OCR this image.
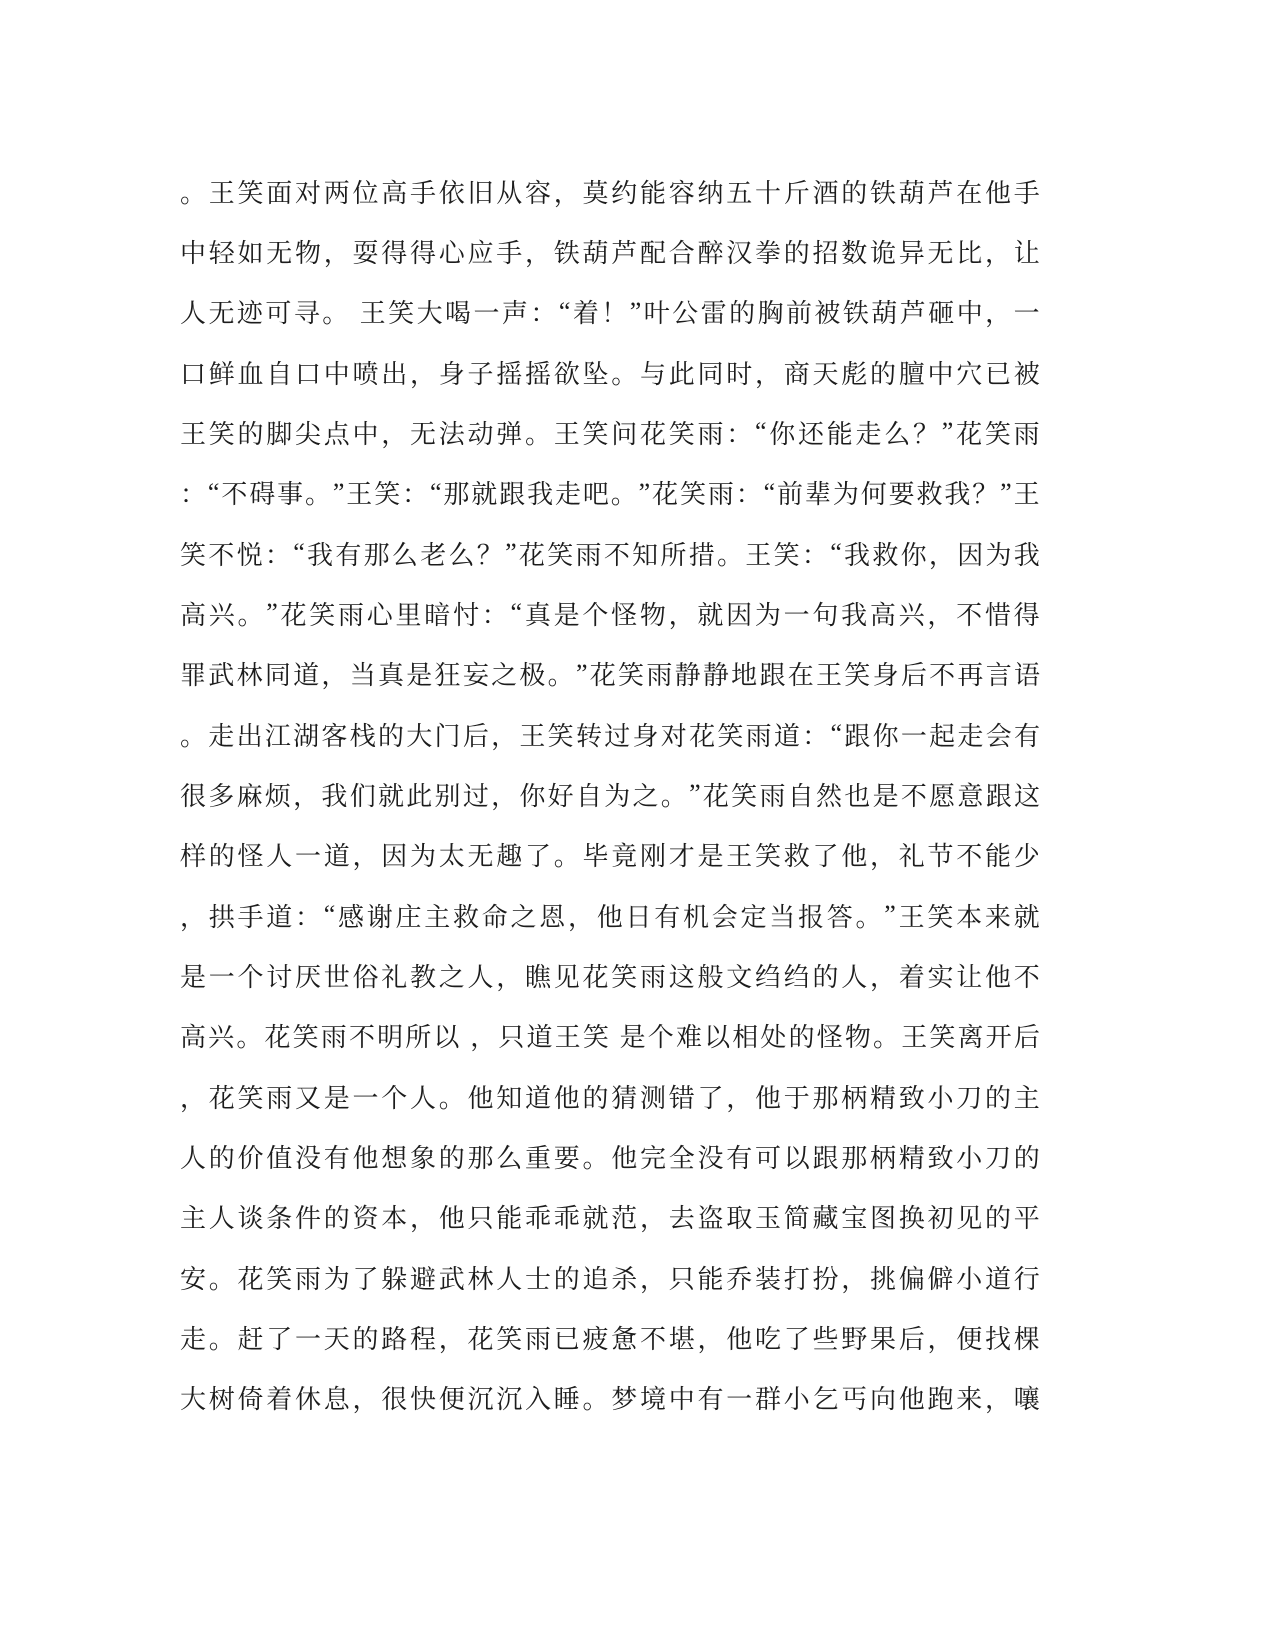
。 王 笑 面 对 两 位 高 手 依 旧 从 容 ， 莫 约 能 容 纳 五 十 斤 酒 的 铁 葫 芦 在 他 手
中 轻 如 无 物 ， 耍 得 得 心 应 手 ， 铁 葫 芦 配 合 醉 汉 拳 的 招 数 诡 异 无 比 ， 让
人 无 迹 可 寻 。
王 笑 大 喝 一 声 ： “ 着 ！ ” 叶 公 雷 的 胸 前 被 铁 葫 芦 砸 中 ， 一
口 鲜 血 自 口 中 喷 出 ， 身 子 摇 摇 欲 坠 。 与 此 同 时 ， 商 天 彪 的 膻 中 穴 已 被
王 笑 的 脚 尖 点 中 ， 无 法 动 弹 。 王 笑 问 花 笑 雨 ： “ 你 还 能 走 么 ？ ” 花 笑 雨
： “ 不 碍 事 。 ” 王 笑 ： “ 那 就 跟 我 走 吧 。 ” 花 笑 雨 ： “ 前 辈 为 何 要 救 我 ？ ” 王
笑 不 悦 ： “ 我 有 那 么 老 么 ？ ” 花 笑 雨 不 知 所 措 。 王 笑 ： “ 我 救 你 ， 因 为 我
高 兴 。 ” 花 笑 雨 心 里 暗 忖 ： “ 真 是 个 怪 物 ， 就 因 为 一 句 我 高 兴 ， 不 惜 得
罪 武 林 同 道 ， 当 真 是 狂 妄 之 极 。 ” 花 笑 雨 静 静 地 跟 在 王 笑 身 后 不 再 言 语
。 走 出 江 湖 客 栈 的 大 门 后 ， 王 笑 转 过 身 对 花 笑 雨 道 ： “ 跟 你 一 起 走 会 有
很 多 麻 烦 ， 我 们 就 此 别 过 ， 你 好 自 为 之 。 ” 花 笑 雨 自 然 也 是 不 愿 意 跟 这
样 的 怪 人 一 道 ， 因 为 太 无 趣 了 。 毕 竟 刚 才 是 王 笑 救 了 他 ， 礼 节 不 能 少
， 拱 手 道 ： “ 感 谢 庄 主 救 命 之 恩 ， 他 日 有 机 会 定 当 报 答 。 ” 王 笑 本 来 就
是 一 个 讨 厌 世 俗 礼 教 之 人 ， 瞧 见 花 笑 雨 这 般 文 绉 绉 的 人 ， 着 实 让 他 不
高 兴 。 花 笑 雨 不 明 所 以
， 只 道 王 笑
是 个 难 以 相 处 的 怪 物 。 王 笑 离 开 后
， 花 笑 雨 又 是 一 个 人 。 他 知 道 他 的 猜 测 错 了 ， 他 于 那 柄 精 致 小 刀 的 主
人 的 价 值 没 有 他 想 象 的 那 么 重 要 。 他 完 全 没 有 可 以 跟 那 柄 精 致 小 刀 的
主 人 谈 条 件 的 资 本 ， 他 只 能 乖 乖 就 范 ， 去 盗 取 玉 简 藏 宝 图 换 初 见 的 平
安 。 花 笑 雨 为 了 躲 避 武 林 人 士 的 追 杀 ， 只 能 乔 装 打 扮 ， 挑 偏 僻 小 道 行
走 。 赶 了 一 天 的 路 程 ， 花 笑 雨 已 疲 惫 不 堪 ， 他 吃 了 些 野 果 后 ， 便 找 棵
大 树 倚 着 休 息 ， 很 快 便 沉 沉 入 睡 。 梦 境 中 有 一 群 小 乞 丐 向 他 跑 来 ， 嚷
